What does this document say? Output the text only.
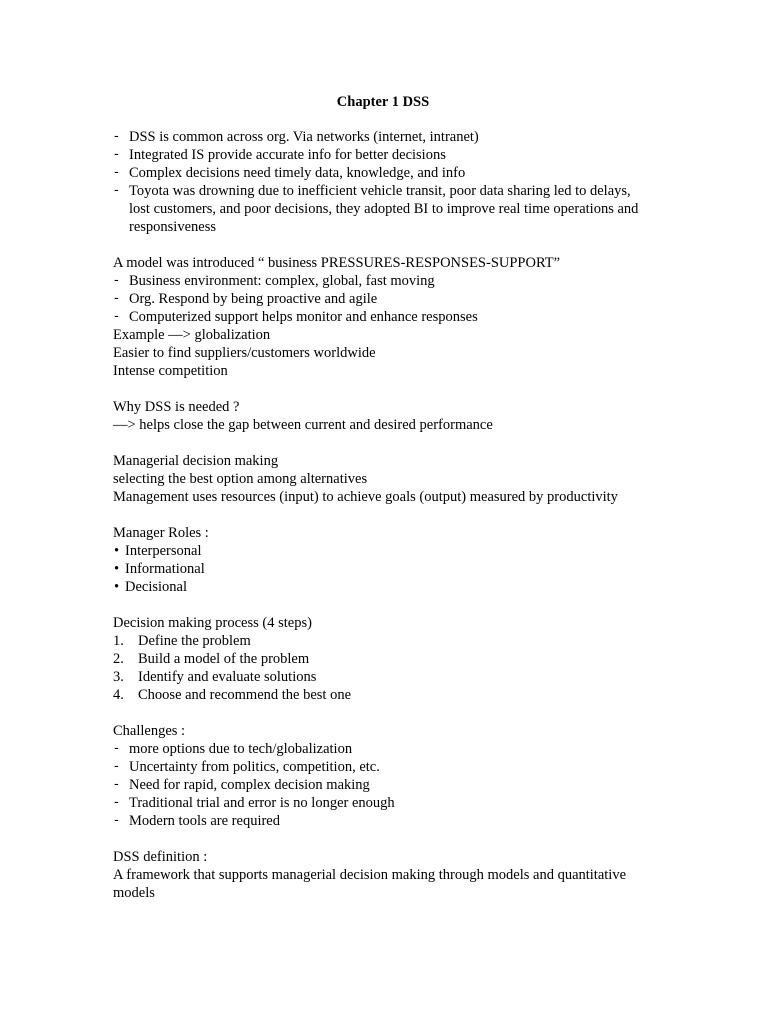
Chapter 1 DSS
- DSS is common across org. Via networks (internet, intranet)
- Integrated IS provide accurate info for better decisions
- Complex decisions need timely data, knowledge, and info
- Toyota was drowning due to inefficient vehicle transit, poor data sharing led to delays, lost customers, and poor decisions, they adopted BI to improve real time operations and responsiveness

A model was introduced “ business PRESSURES-RESPONSES-SUPPORT”

- Business environment: complex, global, fast moving
- Org. Respond by being proactive and agile
- Computerized support helps monitor and enhance responses

Example —> globalization

Easier to find suppliers/customers worldwide

Intense competition

Why DSS is needed ?

—> helps close the gap between current and desired performance

Managerial decision making

selecting the best option among alternatives

Management uses resources (input) to achieve goals (output) measured by productivity

Manager Roles :

• Interpersonal
• Informational
• Decisional

Decision making process (4 steps)

1. Define the problem
2. Build a model of the problem
3. Identify and evaluate solutions
4. Choose and recommend the best one

Challenges :

- more options due to tech/globalization
- Uncertainty from politics, competition, etc.
- Need for rapid, complex decision making
- Traditional trial and error is no longer enough
- Modern tools are required

DSS definition :

A framework that supports managerial decision making through models and quantitative models
